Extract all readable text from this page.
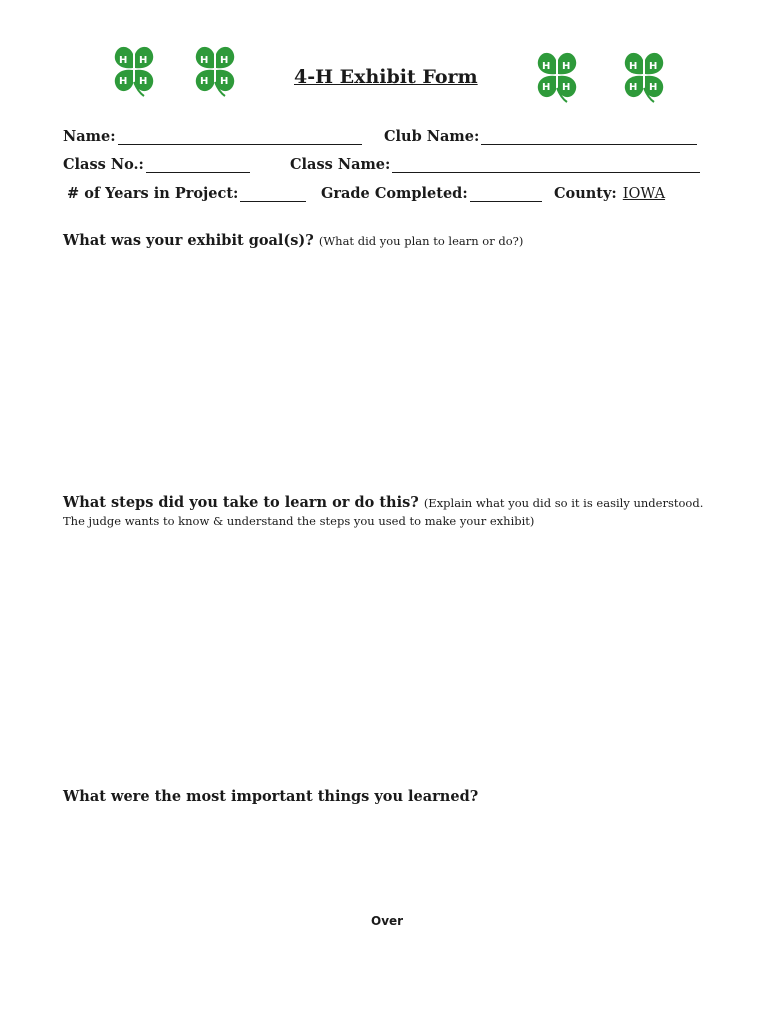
H H
H H
H H
H H
H H
H H
H H
H H
4-H Exhibit Form
Name:	Club Name:
Class No.:	Class Name:
# of Years in Project:	Grade Completed:	County: IOWA
What was your exhibit goal(s)? (What did you plan to learn or do?)
What steps did you take to learn or do this? (Explain what you did so it is easily understood.
The judge wants to know & understand the steps you used to make your exhibit)
What were the most important things you learned?
Over
